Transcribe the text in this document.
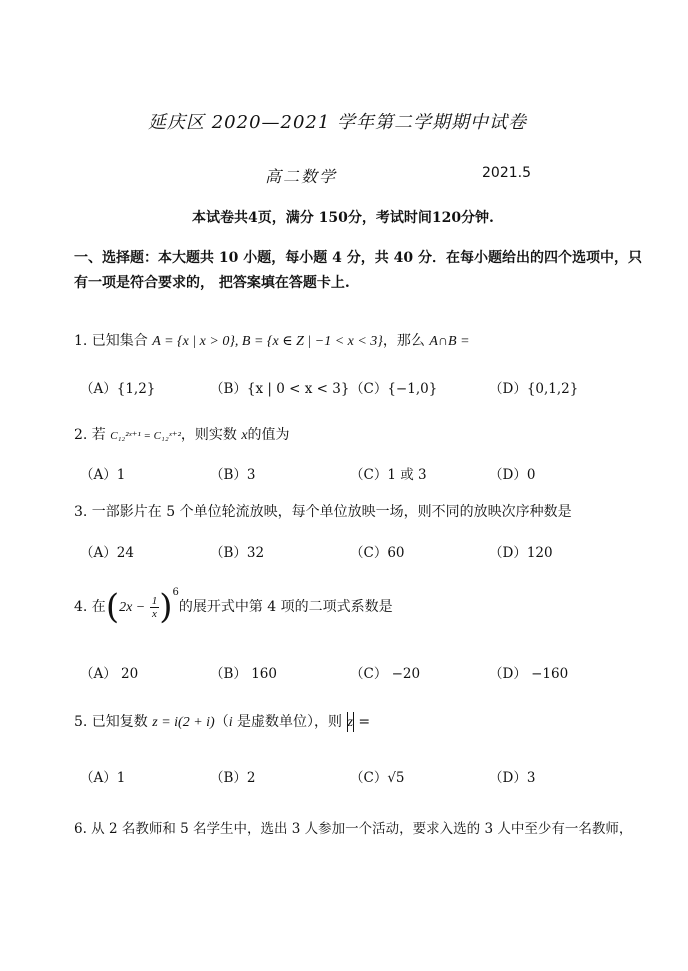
延庆区 2020—2021 学年第二学期期中试卷
高二数学	2021.5
本试卷共4页，满分 150分，考试时间120分钟.
一、选择题：本大题共 10 小题，每小题 4 分，共 40 分．在每小题给出的四个选项中，只
有一项是符合要求的， 把答案填在答题卡上.
1. 已知集合 A = {x | x > 0}, B = {x ∈ Z | −1 < x < 3}，那么 A∩B =
（A）{1,2}	（B）{x | 0 < x < 3} （C）{−1,0}	（D）{0,1,2}
2. 若 C₁₂²ˣ⁺¹ = C₁₂ˣ⁺²，则实数 x的值为
（A）1	（B）3	（C）1 或 3	（D）0
3. 一部影片在 5 个单位轮流放映，每个单位放映一场，则不同的放映次序种数是
（A）24	（B）32	（C）60	（D）120
4. 在$(2x - \frac{1}{x} )^6$的展开式中第 4 项的二项式系数是
（A） 20	（B） 160	（C） −20	（D） −160
5. 已知复数 z = i(2 + i)（i 是虚数单位），则 z =
（A）1	（B）2	（C）√5	（D）3
6. 从 2 名教师和 5 名学生中，选出 3 人参加一个活动，要求入选的 3 人中至少有一名教师，
